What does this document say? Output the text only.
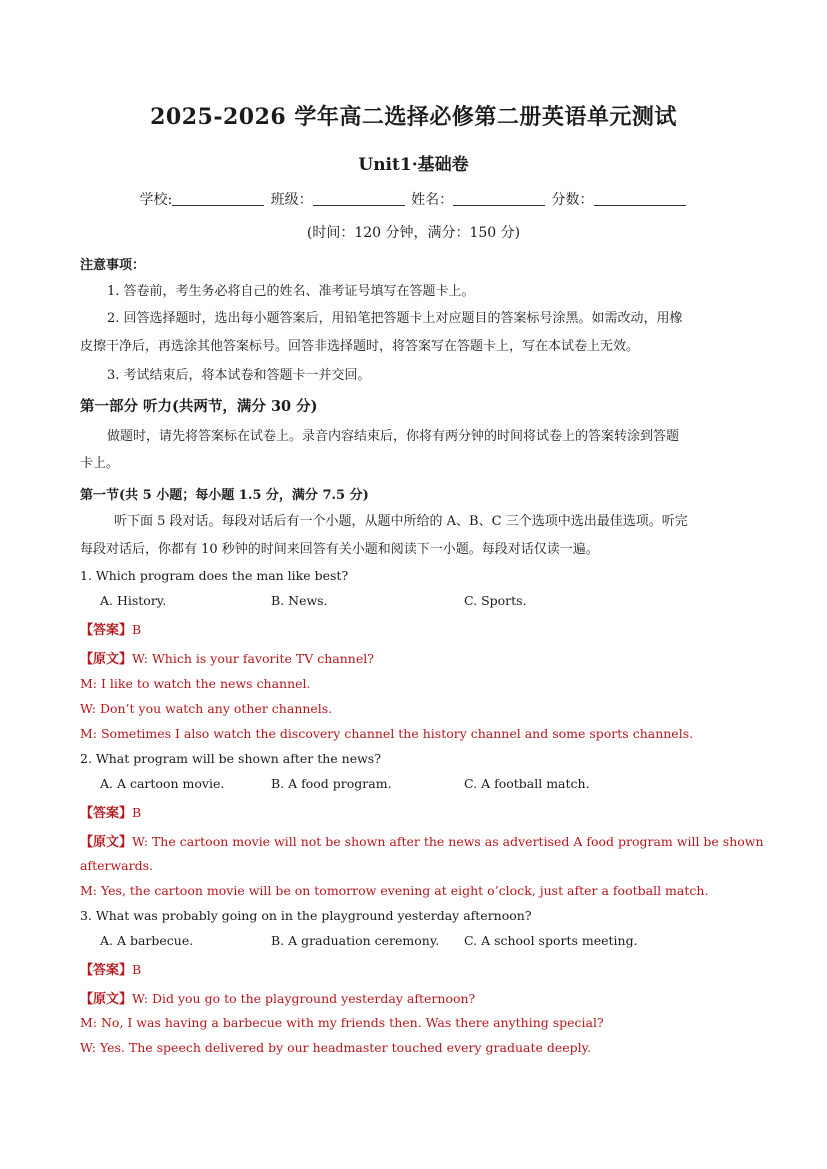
2025-2026 学年高二选择必修第二册英语单元测试
Unit1·基础卷
学校:	班级：	姓名：	分数：
(时间：120 分钟，满分：150 分)
注意事项：
1. 答卷前，考生务必将自己的姓名、准考证号填写在答题卡上。
2. 回答选择题时，选出每小题答案后，用铅笔把答题卡上对应题目的答案标号涂黑。如需改动，用橡
皮擦干净后，再选涂其他答案标号。回答非选择题时，将答案写在答题卡上，写在本试卷上无效。
3. 考试结束后，将本试卷和答题卡一并交回。
第一部分 听力(共两节，满分 30 分)
做题时，请先将答案标在试卷上。录音内容结束后，你将有两分钟的时间将试卷上的答案转涂到答题
卡上。
第一节(共 5 小题；每小题 1.5 分，满分 7.5 分)
听下面 5 段对话。每段对话后有一个小题，从题中所给的 A、B、C 三个选项中选出最佳选项。听完
每段对话后，你都有 10 秒钟的时间来回答有关小题和阅读下一小题。每段对话仅读一遍。
1. Which program does the man like best?
A. History.	B. News.	C. Sports.
【答案】B
【原文】W: Which is your favorite TV channel?
M: I like to watch the news channel.
W: Don’t you watch any other channels.
M: Sometimes I also watch the discovery channel the history channel and some sports channels.
2. What program will be shown after the news?
A. A cartoon movie.	B. A food program.	C. A football match.
【答案】B
【原文】W: The cartoon movie will not be shown after the news as advertised A food program will be shown
afterwards.
M: Yes, the cartoon movie will be on tomorrow evening at eight o’clock, just after a football match.
3. What was probably going on in the playground yesterday afternoon?
A. A barbecue.	B. A graduation ceremony. C. A school sports meeting.
【答案】B
【原文】W: Did you go to the playground yesterday afternoon?
M: No, I was having a barbecue with my friends then. Was there anything special?
W: Yes. The speech delivered by our headmaster touched every graduate deeply.
